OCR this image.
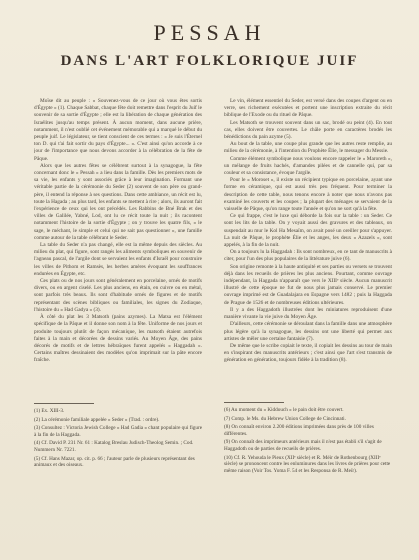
PESSAH
DANS L'ART FOLKLORIQUE JUIF

Moïse dit au peuple : « Souvenez-vous de ce jour où vous êtes sortis d'Égypte » (1). Chaque Sabbat, chaque fête doit remettre dans l'esprit du Juif le souvenir de sa sortie d'Égypte ; elle est la libération de chaque génération des Israélites jusqu'au temps présent. À aucun moment, dans aucune prière, notamment, il n'est oublié cet événement mémorable qui a marqué le début du peuple juif. Le législateur, se tient conscient de ces termes : « Je suis l'Éternel ton D. qui t'ai fait sortir du pays d'Égypte... ». C'est ainsi qu'on accorde à ce jour de l'importance que nous devons accorder à la célébration de la fête de Pâque.

Alors que les autres fêtes se célèbrent surtout à la synagogue, la fête concernant donc le « Pessah » a lieu dans la famille. Dès les premiers mots de sa vie, les enfants y sont associés grâce à leur imagination. Formant une véritable partie de la cérémonie du Seder (2) souvent de son père ou grand-père, il entend la réponse à ses questions. Dans cette ambiance, un récit est lu, toute la Hagada ; au plus tard, les enfants se mettent à rire ; alors, ils auront fait l'expérience de ceux qui les ont précédés. Les Rabbins de Bné Brak et des villes de Galilée, Yabné, Lod, ont lu ce récit toute la nuit ; ils racontent notamment l'histoire de la sortie d'Égypte ; on y trouve les quatre fils, « le sage, le méchant, le simple et celui qui ne sait pas questionner », une famille comme autour de la table célébrant le Seder.

La table du Seder n'a pas changé, elle est la même depuis des siècles. Au milieu du plat, qui figure, sont rangés les aliments symboliques en souvenir de l'agneau pascal, de l'argile dont se servaient les enfants d'Israël pour construire les villes de Pithom et Ramsès, les herbes amères évoquant les souffrances endurées en Égypte, etc.

Ces plats ou de nos jours sont généralement en porcelaine, ornés de motifs divers, ou en argent ciselé. Les plus anciens, en étain, en cuivre ou en métal, sont parfois très beaux. Ils sont d'habitude ornés de figures et de motifs représentant des scènes bibliques ou familiales, les signes du Zodiaque, l'histoire du « Had Gadya » (3).

À côté du plat les 3 Matsoth (pains azymes). La Matsa est l'élément spécifique de la Pâque et il donne son nom à la fête. Uniforme de nos jours et produite toujours plutôt de façon mécanique, les matsoth étaient autrefois faites à la main et décorées de dessins variés. Au Moyen Âge, des pains décorés de motifs et de lettres hébraïques furent appelés « Haggadah ». Certains maîtres dessinaient des modèles qu'on imprimait sur la pâte encore fraîche.

Le vin, élément essentiel du Seder, est versé dans des coupes d'argent ou en verre, ses richement exécutées et portent une inscription extraite du récit biblique de l'Exode ou du rituel de Pâque.

Les Matsoth se trouvent souvent dans un sac, brodé ou peint (4). En tout cas, elles doivent être couvertes. Le châle porte en caractères brodés les bénédictions du pain azyme (5).

Au bout de la table, une coupe plus grande que les autres reste remplie, au milieu de la cérémonie, à l'intention du Prophète Élie, le messager du Messie.

Comme élément symbolique nous voulons encore rappeler le « Maroreth », un mélange de fruits hachés, d'amandes pilées et de cannelle qui, par sa couleur et sa consistance, évoque l'argile.

Pour le « Moroset », il existe un récipient typique en porcelaine, ayant une forme en céramique, qui est aussi très peu fréquent. Pour terminer la description de cette table, nous tenons encore à noter que nous n'avons pas examiné les couverts et les coupes ; la plupart des ménages se servaient de la vaisselle de Pâque, qu'on range toute l'année et qu'on ne sort qu'à la fête.

Ce qui frappe, c'est le luxe qui déborde la fois sur la table : un Seder. Ce sont les lits de la table. On y voyait aussi des gravures et des tableaux, on suspendait au mur le Kol Ha Mesaïm, on avait posé un oreiller pour s'appuyer. La nuit de Pâque, le prophète Élie et les anges, les deux « Azazels », sont appelés, à la fin de la nuit.

On a toujours lu la Haggadah : Ils sont nombreux, en ce tant de manuscrits à citer, pour l'un des plus populaires de la littérature juive (6).

Son origine remonte à la haute antiquité et ses parties ou versets se trouvent déjà dans les recueils de prières les plus anciens. Pourtant, comme ouvrage indépendant, la Haggada n'apparaît que vers le XIIIᵉ siècle. Aucun manuscrit illustré de cette époque ne fut de nous plus jamais conservé. Le premier ouvrage imprimé est de Guadalajara en Espagne vers 1482 ; puis la Haggada de Prague de 1526 et de nombreuses éditions ultérieures.

Il y a des Haggadoth illustrées dont les miniatures reproduisent d'une manière vivante la vie juive du Moyen Âge.

D'ailleurs, cette cérémonie se déroulant dans la famille dans une atmosphère plus légère qu'à la synagogue, les dessins ont une liberté qui permet aux artistes de mêler une certaine fantaisie (7).

De même que le scribe copiait le texte, il copiait les dessins au tour de main en s'inspirant des manuscrits antérieurs ; c'est ainsi que l'art s'est transmis de génération en génération, toujours fidèle à la tradition (8).

(1) Ex. XIII-3.

(2) La cérémonie familiale appelée « Seder » (Trad. : ordre).

(3) Consultez : Victoria Jewish College « Had Gadia » chant populaire qui figure à la fin de la Haggada.

(4) Cf. David P. 231 Nr. 61 : Katalog Breslau Judisch-Theolog Semin. ; Cod. Nummern Nr. 7221.

(5) Cf. Hans Mazar, op. cit. p. 66 ; l'auteur parle de plusieurs représentant des animaux et des oiseaux.

(6) Au moment du « Kiddouch » le pain doit être couvert.

(7) Comp. le Ms. du Hebrew Union College de Cincinnati.

(8) On connaît environ 2.200 éditions imprimées dans près de 100 villes différentes.

(9) On connaît des imprimeurs antérieurs mais il n'est pas établi s'il s'agit de Haggadoth ou de parties de recueils de prières.

(10) Cf. R. Yehouda le Pieux (XIIᵉ siècle) et R. Méir de Rothenbourg (XIIIᵉ siècle) se prononcent contre les enluminures dans les livres de prières pour cette même raison (Voir Tos. Yoma F. 54 et les Responsa de R. Meïr).
